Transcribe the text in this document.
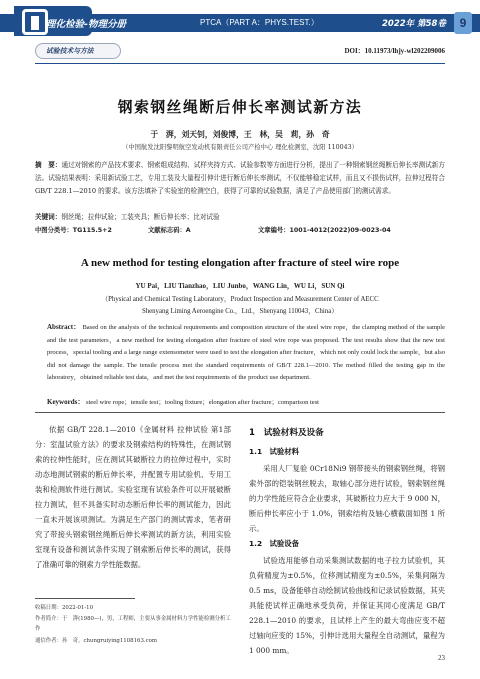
理化检验-物理分册	PTCA（PART A：PHYS.TEST.）	2022年 第58卷	9
试验技术与方法	DOI：10.11973/lhjy-wl202209006
钢索钢丝绳断后伸长率测试新方法
于　湃，刘天钊，刘俊博，王　林，吴　莉，孙　奇
（中国航发沈阳黎明航空发动机有限责任公司产检中心 理化检测室，沈阳 110043）
摘　要：通过对钢索的产品技术要求、钢索组成结构、试样夹持方式、试验参数等方面进行分析，提出了一种钢索钢丝绳断后伸长率测试新方法。试验结果表明：采用新试验工艺，专用工装及大量程引伸计进行断后伸长率测试，不仅能够稳定试样，而且又不损伤试样，拉伸过程符合 GB/T 228.1—2010 的要求。该方法填补了实验室的检测空白，获得了可靠的试验数据，满足了产品使用部门的测试需求。
关键词：钢丝绳；拉伸试验；工装夹具；断后伸长率；比对试验
中图分类号：TG115.5+2	文献标志码：A	文章编号：1001-4012(2022)09-0023-04
A new method for testing elongation after fracture of steel wire rope
YU Pai，LIU Tianzhao，LIU Junbo，WANG Lin，WU Li，SUN Qi
（Physical and Chemical Testing Laboratory，Product Inspection and Measurement Center of AECC
Shenyang Liming Aeroengine Co.，Ltd.，Shenyang 110043，China）
Abstract： Based on the analysis of the technical requirements and composition structure of the steel wire rope，the clamping method of the sample and the test parameters，a new method for testing elongation after fracture of steel wire rope was proposed. The test results show that the new test process，special tooling and a large range extensometer were used to test the elongation after fracture，which not only could lock the sample，but also did not damage the sample. The tensile process met the standard requirements of GB/T 228.1—2010. The method filled the testing gap in the laboratory，obtained reliable test data，and met the test requirements of the product use department.
Keywords： steel wire rope；tensile test；tooling fixture；elongation after fracture；comparison test
依据 GB/T 228.1—2010《金属材料 拉伸试验 第1部分：室温试验方法》的要求及钢索结构的特殊性，在测试钢索的拉伸性能时，应在测试其破断拉力的拉伸过程中，实时动态地测试钢索的断后伸长率，并配置专用试验机、专用工装和检测软件进行测试。实验室现有试验条件可以开展破断拉力测试，但不具备实时动态断后伸长率的测试能力，因此一直未开展该项测试。为满足生产部门的测试需求，笔者研究了带接头钢索钢丝绳断后伸长率测试的新方法，利用实验室现有设备和测试条件实现了钢索断后伸长率的测试，获得了准确可靠的钢索力学性能数据。
收稿日期：2022-01-10
作者简介：于　湃(1980—)，男，工程师，主要从事金属材料力学性能检测分析工作
通信作者：孙　奇，chungruiying1108163.com
1　试验材料及设备
1.1　试验材料
采用人厂复验 0Cr18Ni9 钢带接头的钢索钢丝绳，将钢索外部的铠装钢丝脱去，取轴心部分进行试验，钢索钢丝绳的力学性能应符合企业要求，其破断拉力应大于 9 000 N，断后伸长率应小于 1.0%，钢索结构及轴心横截面如图 1 所示。
1.2　试验设备
试验选用能够自动采集测试数据的电子拉力试验机，其负荷精度为±0.5%，位移测试精度为±0.5%，采集间隔为 0.5 ms，设备能够自动绘制试验曲线和记录试验数据，其夹具能使试样正确地承受负荷，并保证其同心度满足 GB/T 228.1—2010 的要求，且试样上产生的最大弯曲应变不超过轴向应变的 15%，引伸计选用大量程全自动测试，量程为 1 000 mm。
23
